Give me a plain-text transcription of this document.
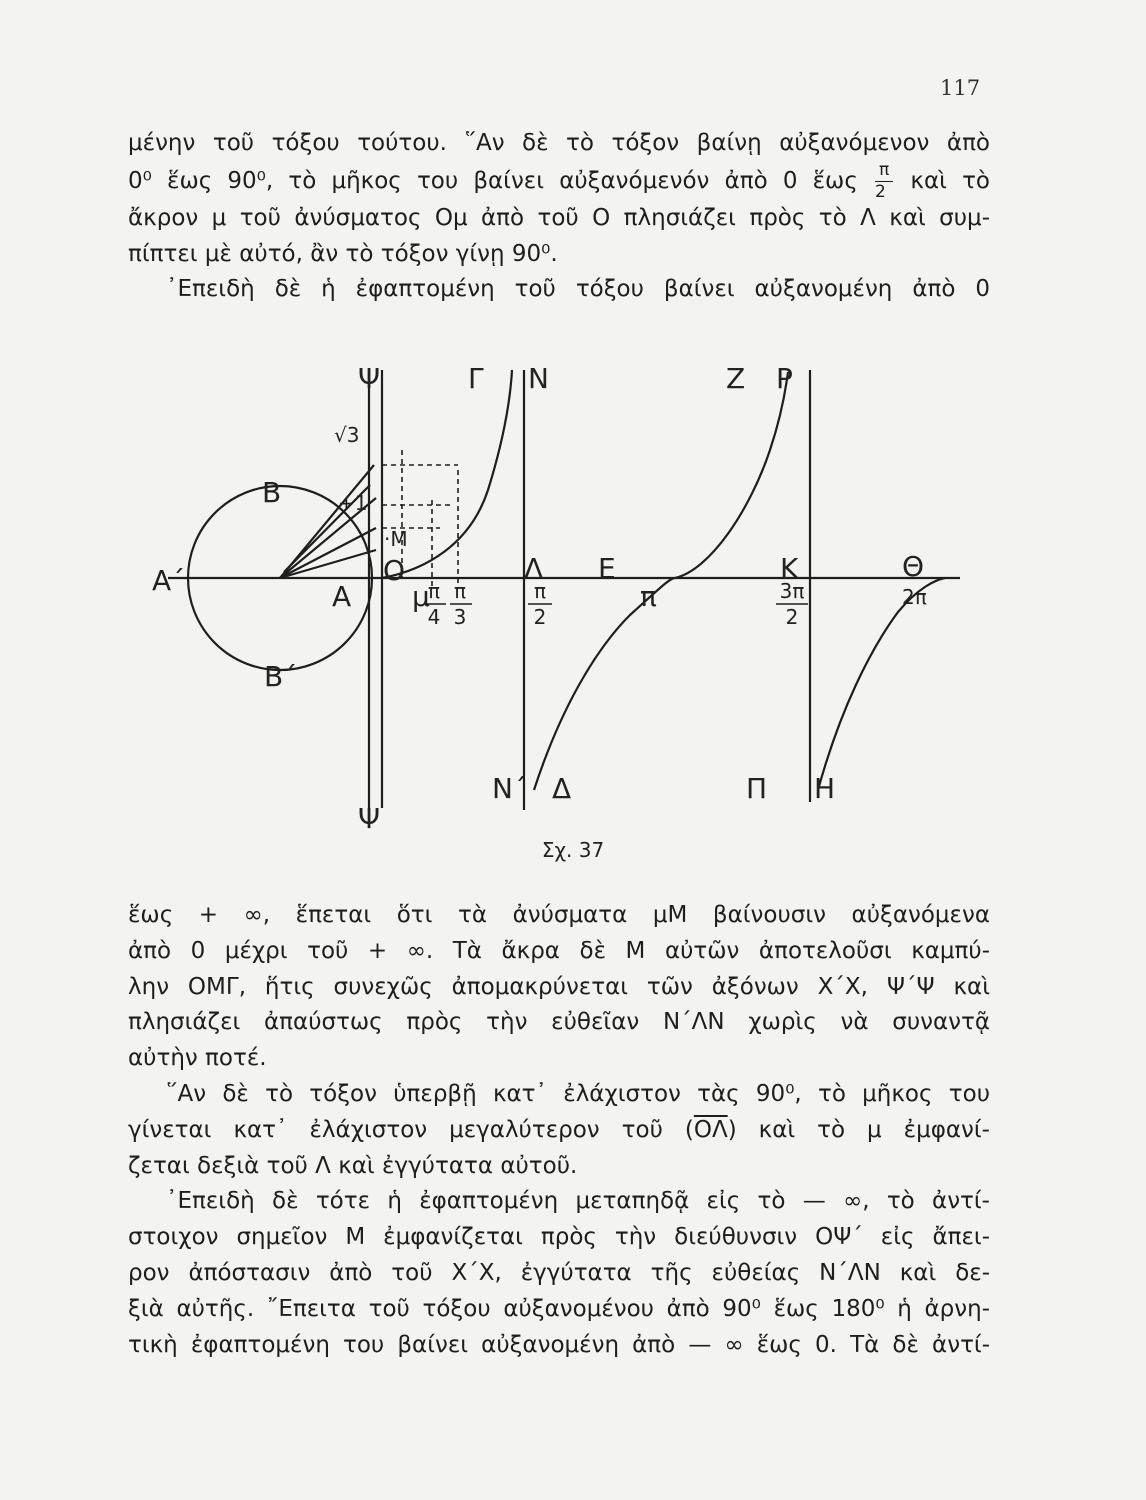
117
μένην τοῦ τόξου τούτου. ῞Αν δὲ τὸ τόξον βαίνῃ αὐξανόμενον ἀπὸ
0⁰ ἕως 90⁰, τὸ μῆκος του βαίνει αὐξανόμενόν ἀπὸ 0 ἕως $\frac{\pi}{2}$ καὶ τὸ
ἄκρον μ τοῦ ἀνύσματος Ομ ἀπὸ τοῦ Ο πλησιάζει πρὸς τὸ Λ καὶ συμ-
πίπτει μὲ αὐτό, ἂν τὸ τόξον γίνῃ 90⁰.
᾿Επειδὴ δὲ ἡ ἐφαπτομένη τοῦ τόξου βαίνει αὐξανομένη ἀπὸ 0
Ψ
Ψ
Γ Ν	Ζ Ρ
Β
Α΄	Α
Β΄
Ο	Λ Ε
π
Κ	Θ
Ν΄ Δ	Π Η
μ
√3
+1
·Μ
2π
π
4
π
3
π
2
3π
2
Σχ. 37
ἕως + ∞, ἕπεται ὅτι τὰ ἀνύσματα μΜ βαίνουσιν αὐξανόμενα
ἀπὸ 0 μέχρι τοῦ + ∞. Τὰ ἄκρα δὲ Μ αὐτῶν ἀποτελοῦσι καμπύ-
λην ΟΜΓ, ἥτις συνεχῶς ἀπομακρύνεται τῶν ἀξόνων Χ΄Χ, Ψ΄Ψ καὶ
πλησιάζει ἀπαύστως πρὸς τὴν εὐθεῖαν Ν΄ΛΝ χωρὶς νὰ συναντᾷ
αὐτὴν ποτέ.
῞Αν δὲ τὸ τόξον ὑπερβῇ κατ᾿ ἐλάχιστον τὰς 90⁰, τὸ μῆκος του
γίνεται κατ᾿ ἐλάχιστον μεγαλύτερον τοῦ $(\overline{O\Lambda})$ καὶ τὸ μ ἐμφανί-
ζεται δεξιὰ τοῦ Λ καὶ ἐγγύτατα αὐτοῦ.
᾿Επειδὴ δὲ τότε ἡ ἐφαπτομένη μεταπηδᾷ εἰς τὸ — ∞, τὸ ἀντί-
στοιχον σημεῖον Μ ἐμφανίζεται πρὸς τὴν διεύθυνσιν ΟΨ΄ εἰς ἄπει-
ρον ἀπόστασιν ἀπὸ τοῦ Χ΄Χ, ἐγγύτατα τῆς εὐθείας Ν΄ΛΝ καὶ δε-
ξιὰ αὐτῆς. ῎Επειτα τοῦ τόξου αὐξανομένου ἀπὸ 90⁰ ἕως 180⁰ ἡ ἀρνη-
τικὴ ἐφαπτομένη του βαίνει αὐξανομένη ἀπὸ — ∞ ἕως 0. Τὰ δὲ ἀντί-
